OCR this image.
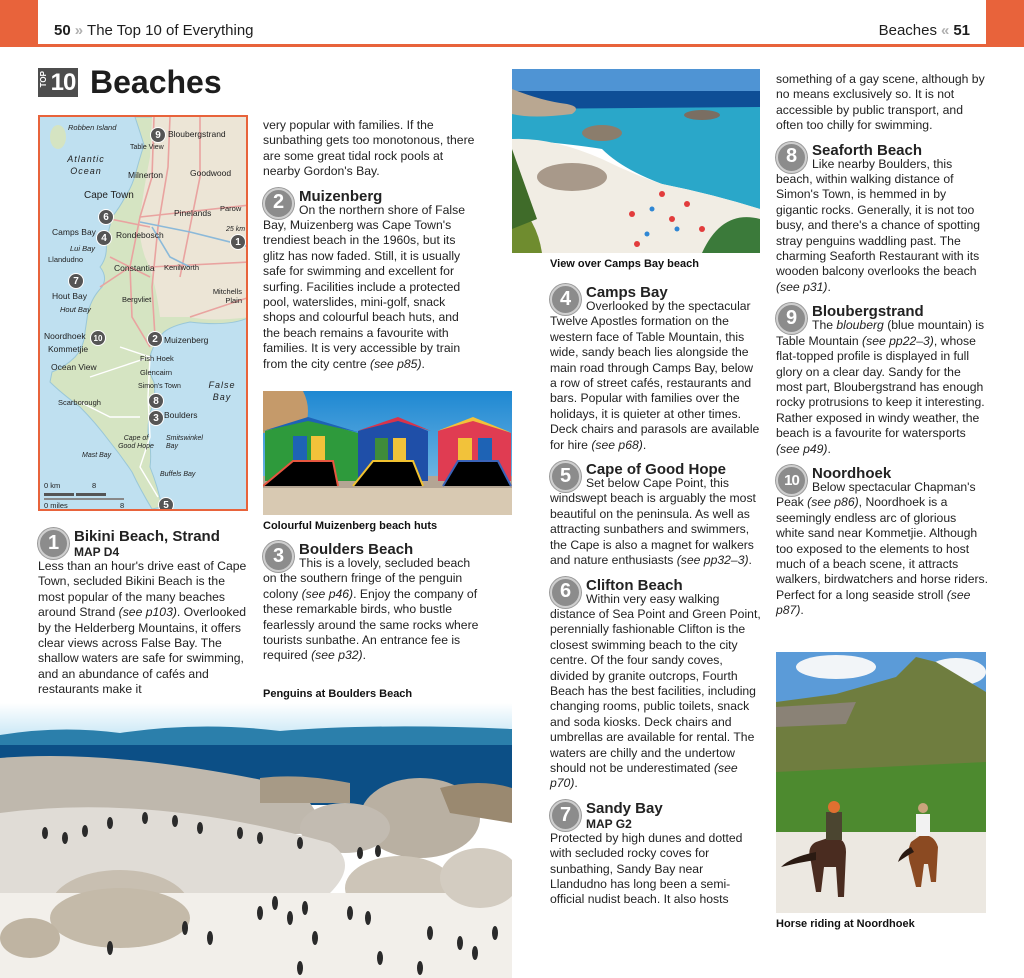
50 » The Top 10 of Everything	Beaches « 51
TOP 10 Beaches
Robben Island
Atlantic Ocean
Table View
Bloubergstrand
Milnerton	Goodwood
Cape Town
Pinelands Parow
Camps Bay Rondebosch
25 km
Lui Bay
Llandudno
Constantia Kenilworth
Hout Bay	Bergvliet
Mitchells Plain
Hout Bay
Noordhoek	Muizenberg
Kommetjie
Fish Hoek
Ocean View
Glencairn
Simon's Town	False Bay
Scarborough
Boulders
Cape of Good Hope
Smitswinkel Bay
Mast Bay
Buffels Bay
0 km	8
0 miles	8
9
6
4	1
7
10	2
8
3
5
1 Bikini Beach, Strand
MAP D4

Less than an hour's drive east of Cape Town, secluded Bikini Beach is the most popular of the many beaches around Strand (see p103). Overlooked by the Helderberg Mountains, it offers clear views across False Bay. The shallow waters are safe for swimming, and an abundance of cafés and restaurants make it

very popular with families. If the sunbathing gets too monotonous, there are some great tidal rock pools at nearby Gordon's Bay.

2 Muizenberg

On the northern shore of False Bay, Muizenberg was Cape Town's trendiest beach in the 1960s, but its glitz has now faded. Still, it is usually safe for swimming and excellent for surfing. Facilities include a protected pool, waterslides, mini-golf, snack shops and colourful beach huts, and the beach remains a favourite with families. It is very accessible by train from the city centre (see p85).

Colourful Muizenberg beach huts
3 Boulders Beach

This is a lovely, secluded beach on the southern fringe of the penguin colony (see p46). Enjoy the company of these remarkable birds, who bustle fearlessly around the same rocks where tourists sunbathe. An entrance fee is required (see p32).

Penguins at Boulders Beach
View over Camps Bay beach
4 Camps Bay

Overlooked by the spectacular Twelve Apostles formation on the western face of Table Mountain, this wide, sandy beach lies alongside the main road through Camps Bay, below a row of street cafés, restaurants and bars. Popular with families over the holidays, it is quieter at other times. Deck chairs and parasols are available for hire (see p68).

5 Cape of Good Hope

Set below Cape Point, this windswept beach is arguably the most beautiful on the peninsula. As well as attracting sunbathers and swimmers, the Cape is also a magnet for walkers and nature enthusiasts (see pp32–3).

6 Clifton Beach

Within very easy walking distance of Sea Point and Green Point, perennially fashionable Clifton is the closest swimming beach to the city centre. Of the four sandy coves, divided by granite outcrops, Fourth Beach has the best facilities, including changing rooms, public toilets, snack and soda kiosks. Deck chairs and umbrellas are available for rental. The waters are chilly and the undertow should not be underestimated (see p70).

7 Sandy Bay
MAP G2

Protected by high dunes and dotted with secluded rocky coves for sunbathing, Sandy Bay near Llandudno has long been a semi-official nudist beach. It also hosts

something of a gay scene, although by no means exclusively so. It is not accessible by public transport, and often too chilly for swimming.

8 Seaforth Beach

Like nearby Boulders, this beach, within walking distance of Simon's Town, is hemmed in by gigantic rocks. Generally, it is not too busy, and there's a chance of spotting stray penguins waddling past. The charming Seaforth Restaurant with its wooden balcony overlooks the beach (see p31).

9 Bloubergstrand

The blouberg (blue mountain) is Table Mountain (see pp22–3), whose flat-topped profile is displayed in full glory on a clear day. Sandy for the most part, Bloubergstrand has enough rocky protrusions to keep it interesting. Rather exposed in windy weather, the beach is a favourite for watersports (see p49).

10 Noordhoek

Below spectacular Chapman's Peak (see p86), Noordhoek is a seemingly endless arc of glorious white sand near Kommetjie. Although too exposed to the elements to host much of a beach scene, it attracts walkers, birdwatchers and horse riders. Perfect for a long seaside stroll (see p87).

Horse riding at Noordhoek
